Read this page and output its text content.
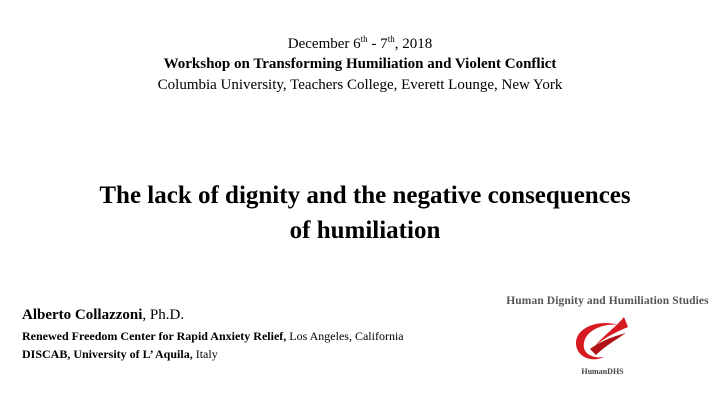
December 6th - 7th, 2018
Workshop on Transforming Humiliation and Violent Conflict
Columbia University, Teachers College, Everett Lounge, New York
The lack of dignity and the negative consequences
of humiliation
Alberto Collazzoni, Ph.D.
Renewed Freedom Center for Rapid Anxiety Relief, Los Angeles, California
DISCAB, University of L’ Aquila, Italy
Human Dignity and Humiliation Studies
HumanDHS
